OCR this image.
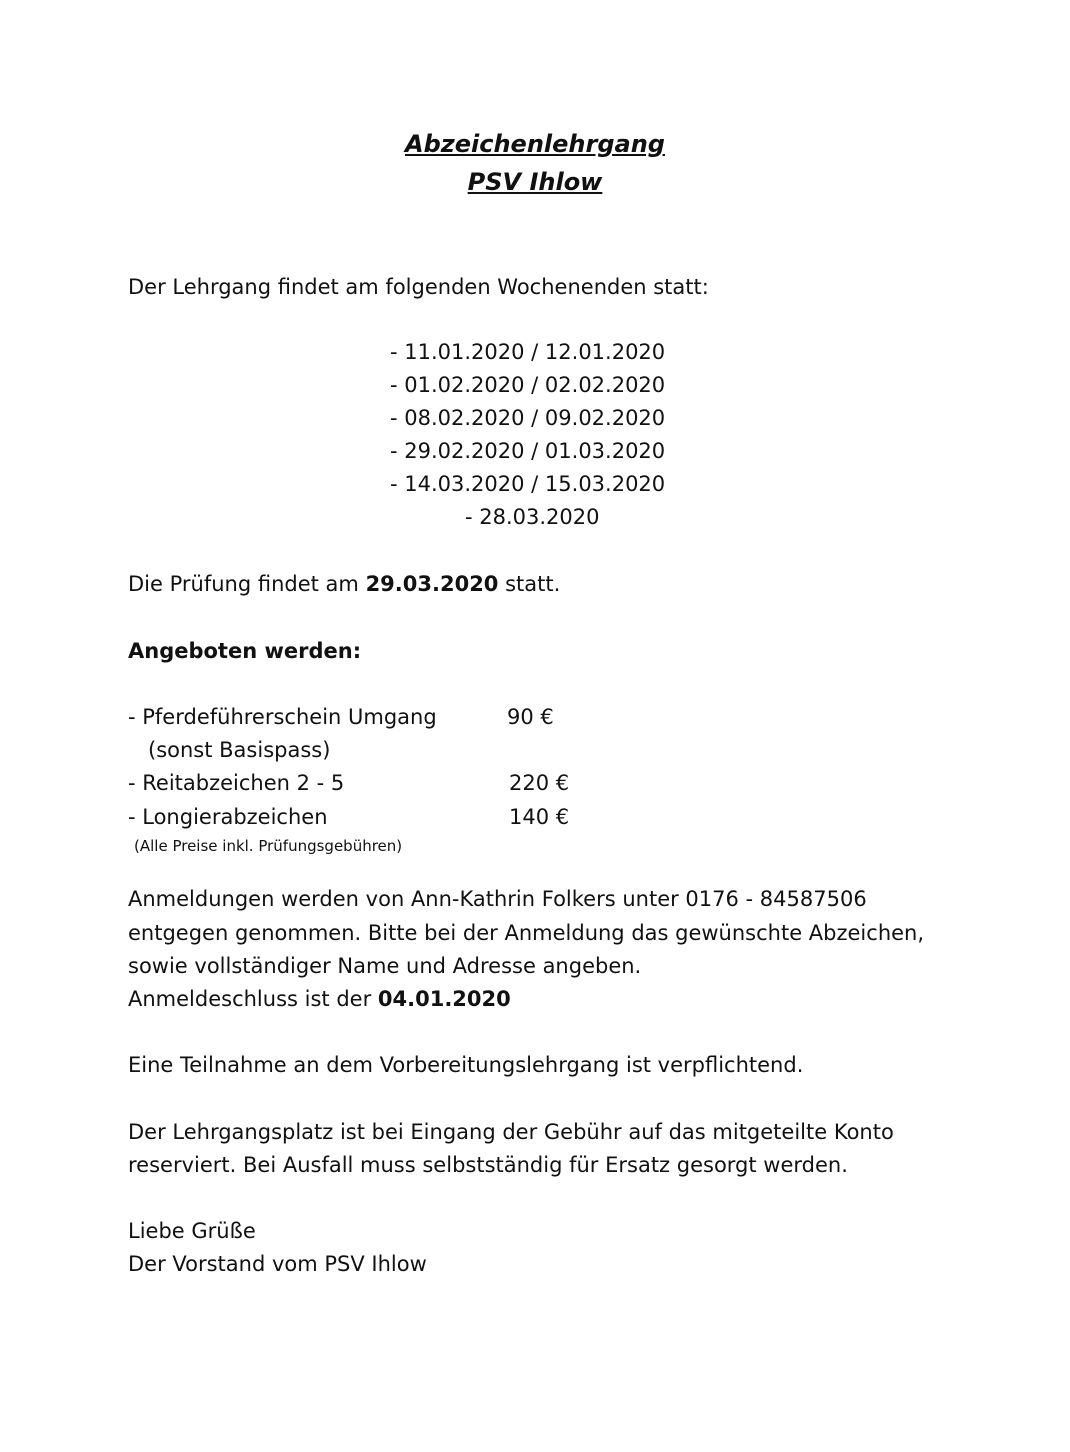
Abzeichenlehrgang
PSV Ihlow
Der Lehrgang findet am folgenden Wochenenden statt:
- 11.01.2020 / 12.01.2020
- 01.02.2020 / 02.02.2020
- 08.02.2020 / 09.02.2020
- 29.02.2020 / 01.03.2020
- 14.03.2020 / 15.03.2020
- 28.03.2020
Die Prüfung findet am 29.03.2020 statt.
Angeboten werden:
- Pferdeführerschein Umgang	90 €
(sonst Basispass)
- Reitabzeichen 2 - 5	220 €
- Longierabzeichen	140 €
(Alle Preise inkl. Prüfungsgebühren)
Anmeldungen werden von Ann-Kathrin Folkers unter 0176 - 84587506
entgegen genommen. Bitte bei der Anmeldung das gewünschte Abzeichen,
sowie vollständiger Name und Adresse angeben.
Anmeldeschluss ist der 04.01.2020
Eine Teilnahme an dem Vorbereitungslehrgang ist verpflichtend.
Der Lehrgangsplatz ist bei Eingang der Gebühr auf das mitgeteilte Konto
reserviert. Bei Ausfall muss selbstständig für Ersatz gesorgt werden.
Liebe Grüße
Der Vorstand vom PSV Ihlow
